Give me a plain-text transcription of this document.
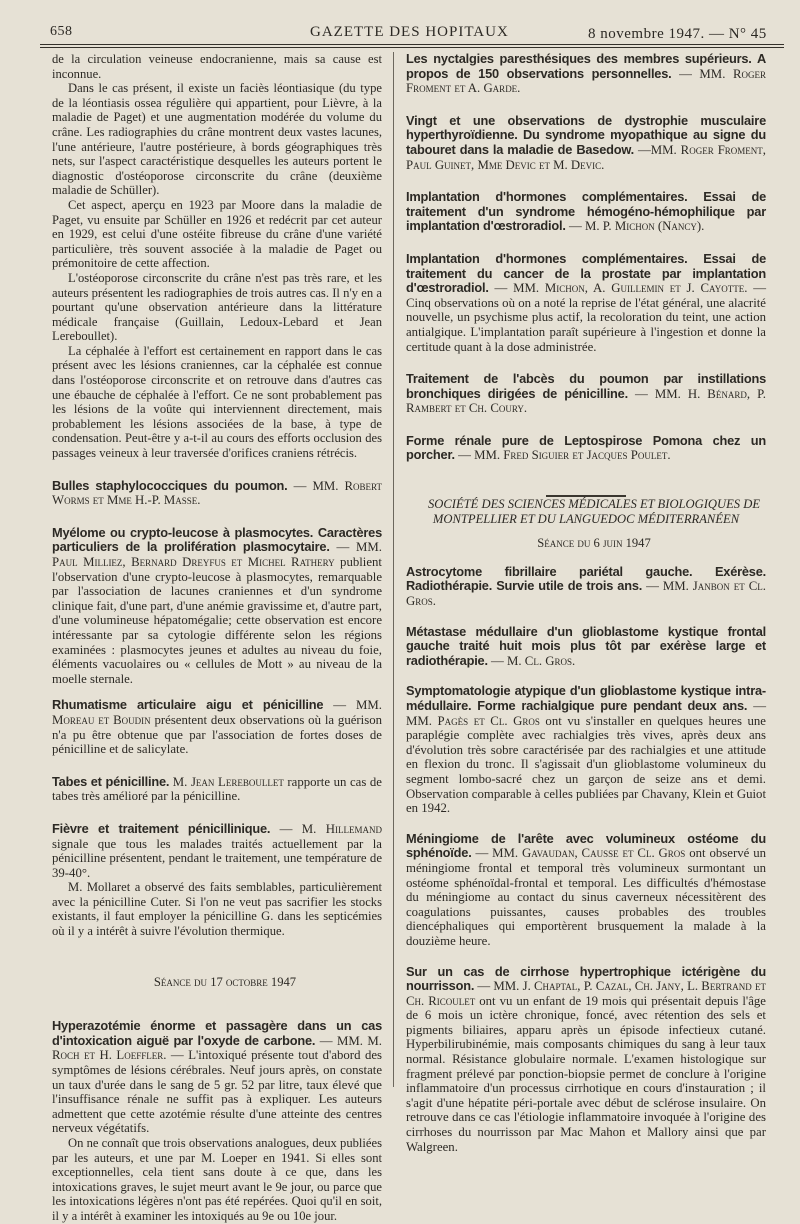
658	GAZETTE DES HOPITAUX	8 novembre 1947. — N° 45

de la circulation veineuse endocranienne, mais sa cause est inconnue.

Dans le cas présent, il existe un faciès léontiasique (du type de la léontiasis ossea régulière qui appartient, pour Lièvre, à la maladie de Paget) et une augmentation modérée du volume du crâne. Les radiographies du crâne montrent deux vastes lacunes, l'une antérieure, l'autre postérieure, à bords géographiques très nets, sur l'aspect caractéristique desquelles les auteurs portent le diagnostic d'ostéoporose circonscrite du crâne (deuxième maladie de Schüller).

Cet aspect, aperçu en 1923 par Moore dans la maladie de Paget, vu ensuite par Schüller en 1926 et redécrit par cet auteur en 1929, est celui d'une ostéite fibreuse du crâne d'une variété particulière, très souvent associée à la maladie de Paget ou prémonitoire de cette affection.

L'ostéoporose circonscrite du crâne n'est pas très rare, et les auteurs présentent les radiographies de trois autres cas. Il n'y en a pourtant qu'une observation antérieure dans la littérature médicale française (Guillain, Ledoux-Lebard et Jean Lereboullet).

La céphalée à l'effort est certainement en rapport dans le cas présent avec les lésions craniennes, car la céphalée est connue dans l'ostéoporose circonscrite et on retrouve dans d'autres cas une ébauche de céphalée à l'effort. Ce ne sont probablement pas les lésions de la voûte qui interviennent directement, mais probablement les lésions associées de la base, à type de condensation. Peut-être y a-t-il au cours des efforts occlusion des passages veineux à leur traversée d'orifices craniens rétrécis.

Bulles staphylococciques du poumon. — MM. Robert Worms et Mme H.-P. Masse.
Myélome ou crypto-leucose à plasmocytes. Caractères particuliers de la prolifération plasmocytaire. — MM. Paul Milliez, Bernard Dreyfus et Michel Rathery publient l'observation d'une crypto-leucose à plasmocytes, remarquable par l'association de lacunes craniennes et d'un syndrome clinique fait, d'une part, d'une anémie gravissime et, d'autre part, d'une volumineuse hépatomégalie; cette observation est encore intéressante par sa cytologie différente selon les régions examinées : plasmocytes jeunes et adultes au niveau du foie, éléments vacuolaires ou « cellules de Mott » au niveau de la moelle sternale.
Rhumatisme articulaire aigu et pénicilline — MM. Moreau et Boudin présentent deux observations où la guérison n'a pu être obtenue que par l'association de fortes doses de pénicilline et de salicylate.
Tabes et pénicilline. M. Jean Lereboullet rapporte un cas de tabes très amélioré par la pénicilline.
Fièvre et traitement pénicillinique. — M. Hillemand signale que tous les malades traités actuellement par la pénicilline présentent, pendant le traitement, une température de 39-40°.

M. Mollaret a observé des faits semblables, particulièrement avec la pénicilline Cuter. Si l'on ne veut pas sacrifier les stocks existants, il faut employer la pénicilline G. dans les septicémies où il y a intérêt à suivre l'évolution thermique.

Séance du 17 octobre 1947

Hyperazotémie énorme et passagère dans un cas d'intoxication aiguë par l'oxyde de carbone. — MM. M. Roch et H. Loeffler. — L'intoxiqué présente tout d'abord des symptômes de lésions cérébrales. Neuf jours après, on constate un taux d'urée dans le sang de 5 gr. 52 par litre, taux élevé que l'insuffisance rénale ne suffit pas à expliquer. Les auteurs admettent que cette azotémie résulte d'une atteinte des centres nerveux végétatifs.

On ne connaît que trois observations analogues, deux publiées par les auteurs, et une par M. Loeper en 1941. Si elles sont exceptionnelles, cela tient sans doute à ce que, dans les intoxications graves, le sujet meurt avant le 9e jour, ou parce que les intoxications légères n'ont pas été repérées. Quoi qu'il en soit, il y a intérêt à examiner les intoxiqués au 9e ou 10e jour.

Les nyctalgies paresthésiques des membres supérieurs. A propos de 150 observations personnelles. — MM. Roger Froment et A. Garde.
Vingt et une observations de dystrophie musculaire hyperthyroïdienne. Du syndrome myopathique au signe du tabouret dans la maladie de Basedow. —MM. Roger Froment, Paul Guinet, Mme Devic et M. Devic.
Implantation d'hormones complémentaires. Essai de traitement d'un syndrome hémogéno-hémophilique par implantation d'œstroradiol. — M. P. Michon (Nancy).
Implantation d'hormones complémentaires. Essai de traitement du cancer de la prostate par implantation d'œstroradiol. — MM. Michon, A. Guillemin et J. Cayotte. — Cinq observations où on a noté la reprise de l'état général, une alacrité nouvelle, un psychisme plus actif, la recoloration du teint, une action antialgique. L'implantation paraît supérieure à l'ingestion et donne la certitude quant à la dose administrée.
Traitement de l'abcès du poumon par instillations bronchiques dirigées de pénicilline. — MM. H. Bénard, P. Rambert et Ch. Coury.
Forme rénale pure de Leptospirose Pomona chez un porcher. — MM. Fred Siguier et Jacques Poulet.

SOCIÉTÉ DES SCIENCES MÉDICALES ET BIOLOGIQUES DE MONTPELLIER ET DU LANGUEDOC MÉDITERRANÉEN

Séance du 6 juin 1947

Astrocytome fibrillaire pariétal gauche. Exérèse. Radiothérapie. Survie utile de trois ans. — MM. Janbon et Cl. Gros.
Métastase médullaire d'un glioblastome kystique frontal gauche traité huit mois plus tôt par exérèse large et radiothérapie. — M. Cl. Gros.
Symptomatologie atypique d'un glioblastome kystique intra-médullaire. Forme rachialgique pure pendant deux ans. — MM. Pagès et Cl. Gros ont vu s'installer en quelques heures une paraplégie complète avec rachialgies très vives, après deux ans d'évolution très sobre caractérisée par des rachialgies et une attitude en flexion du tronc. Il s'agissait d'un glioblastome volumineux du segment lombo-sacré chez un garçon de seize ans et demi. Observation comparable à celles publiées par Chavany, Klein et Guiot en 1942.
Méningiome de l'arête avec volumineux ostéome du sphénoïde. — MM. Gavaudan, Causse et Cl. Gros ont observé un méningiome frontal et temporal très volumineux surmontant un ostéome sphénoïdal-frontal et temporal. Les difficultés d'hémostase du méningiome au contact du sinus caverneux nécessitèrent des coagulations puissantes, causes probables des troubles diencéphaliques qui emportèrent brusquement la malade à la douzième heure.
Sur un cas de cirrhose hypertrophique ictérigène du nourrisson. — MM. J. Chaptal, P. Cazal, Ch. Jany, L. Bertrand et Ch. Ricoulet ont vu un enfant de 19 mois qui présentait depuis l'âge de 6 mois un ictère chronique, foncé, avec rétention des sels et pigments biliaires, apparu après un épisode infectieux cutané. Hyperbilirubinémie, mais composants chimiques du sang à leur taux normal. Résistance globulaire normale. L'examen histologique sur fragment prélevé par ponction-biopsie permet de conclure à l'origine inflammatoire d'un processus cirrhotique en cours d'instauration ; il s'agit d'une hépatite péri-portale avec début de sclérose insulaire. On retrouve dans ce cas l'étiologie inflammatoire invoquée à l'origine des cirrhoses du nourrisson par Mac Mahon et Mallory ainsi que par Walgreen.
